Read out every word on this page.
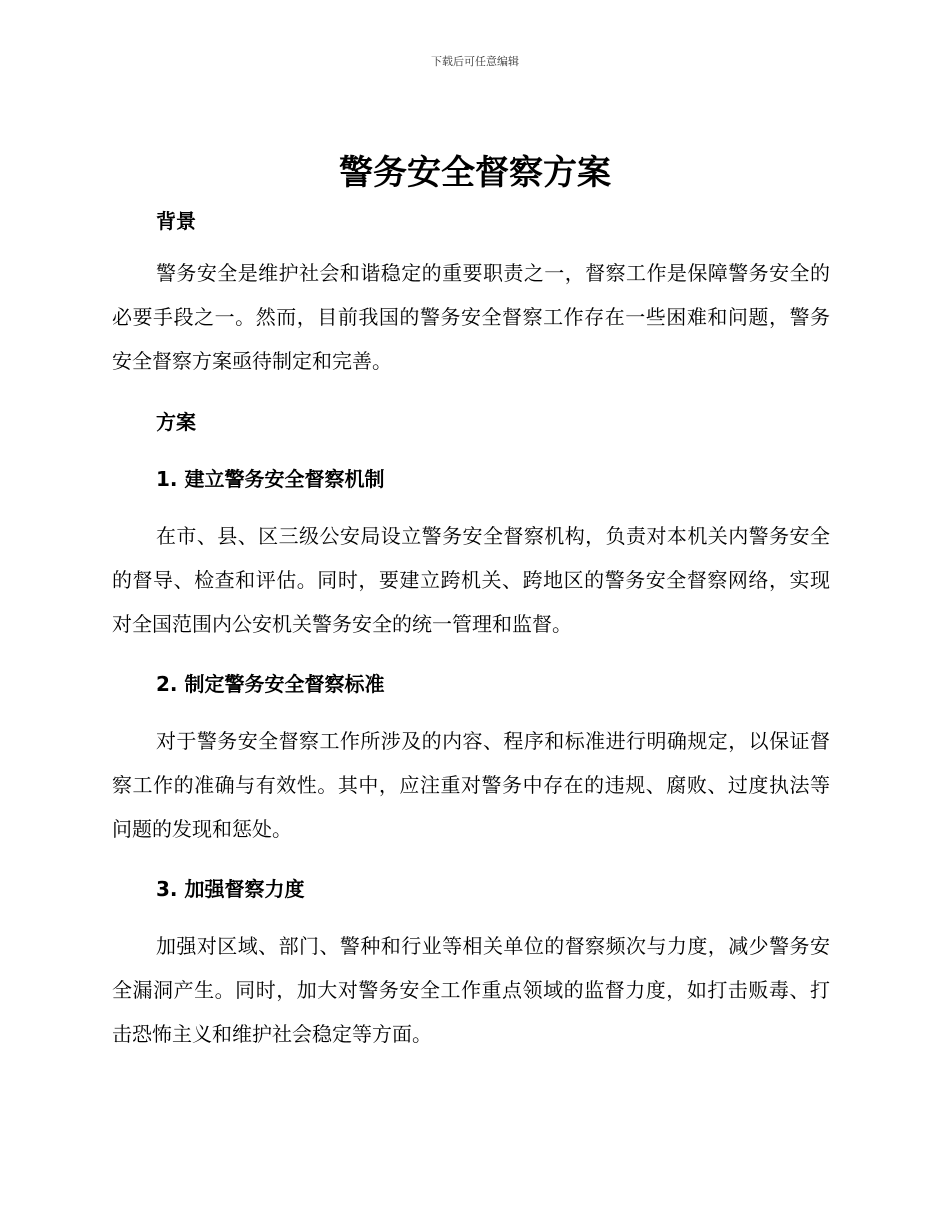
下载后可任意编辑
警务安全督察方案
背景

警务安全是维护社会和谐稳定的重要职责之一，督察工作是保障警务安全的必要手段之一。然而，目前我国的警务安全督察工作存在一些困难和问题，警务安全督察方案亟待制定和完善。

方案
1. 建立警务安全督察机制

在市、县、区三级公安局设立警务安全督察机构，负责对本机关内警务安全的督导、检查和评估。同时，要建立跨机关、跨地区的警务安全督察网络，实现对全国范围内公安机关警务安全的统一管理和监督。

2. 制定警务安全督察标准

对于警务安全督察工作所涉及的内容、程序和标准进行明确规定，以保证督察工作的准确与有效性。其中，应注重对警务中存在的违规、腐败、过度执法等问题的发现和惩处。

3. 加强督察力度

加强对区域、部门、警种和行业等相关单位的督察频次与力度，减少警务安全漏洞产生。同时，加大对警务安全工作重点领域的监督力度，如打击贩毒、打击恐怖主义和维护社会稳定等方面。
